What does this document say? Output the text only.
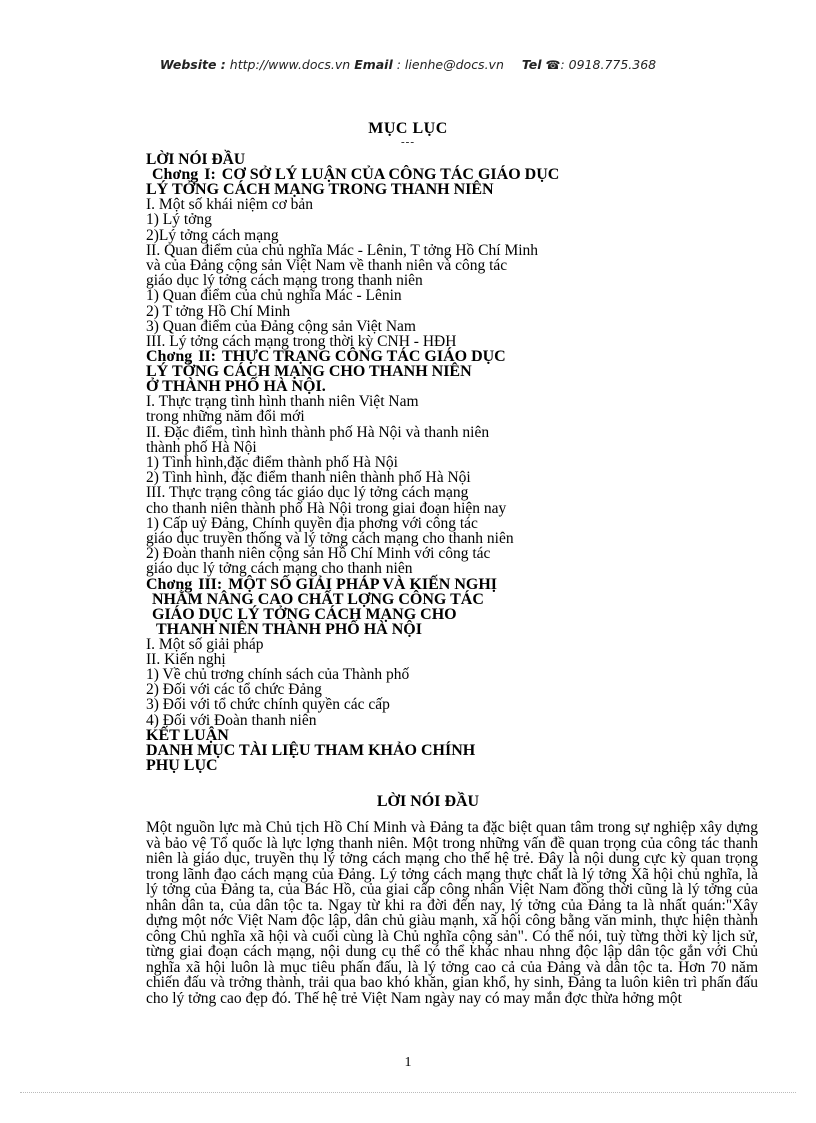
Website : http://www.docs.vn Email : lienhe@docs.vn Tel ☎: 0918.775.368
MỤC LỤC
---
LỜI NÓI ĐẦU
Chơng I: CƠ SỞ LÝ LUẬN CỦA CÔNG TÁC GIÁO DỤC
LÝ TỞNG CÁCH MẠNG TRONG THANH NIÊN
I. Một số khái niệm cơ bản
1) Lý tởng
2)Lý tởng cách mạng
II. Quan điểm của chủ nghĩa Mác - Lênin, T tởng Hồ Chí Minh
và của Đảng cộng sản Việt Nam về thanh niên và công tác
giáo dục lý tởng cách mạng trong thanh niên
1) Quan điểm của chủ nghĩa Mác - Lênin
2) T tởng Hồ Chí Minh
3) Quan điểm của Đảng cộng sản Việt Nam
III. Lý tởng cách mạng trong thời kỳ CNH - HĐH
Chơng II: THỰC TRẠNG CÔNG TÁC GIÁO DỤC
LÝ TỞNG CÁCH MẠNG CHO THANH NIÊN
Ở THÀNH PHỐ HÀ NỘI.
I. Thực trạng tình hình thanh niên Việt Nam
trong những năm đổi mới
II. Đặc điểm, tình hình thành phố Hà Nội và thanh niên
thành phố Hà Nội
1) Tình hình,đặc điểm thành phố Hà Nội
2) Tình hình, đặc điểm thanh niên thành phố Hà Nội
III. Thực trạng công tác giáo dục lý tởng cách mạng
cho thanh niên thành phố Hà Nội trong giai đoạn hiện nay
1) Cấp uỷ Đảng, Chính quyền địa phơng với công tác
giáo dục truyền thống và lý tởng cách mạng cho thanh niên
2) Đoàn thanh niên cộng sản Hồ Chí Minh với công tác
giáo dục lý tởng cách mạng cho thanh niên
Chơng III: MỘT SỐ GIẢI PHÁP VÀ KIẾN NGHỊ
NHẰM NÂNG CAO CHẤT LỢNG CÔNG TÁC
GIÁO DỤC LÝ TỞNG CÁCH MẠNG CHO
THANH NIÊN THÀNH PHỐ HÀ NỘI
I. Một số giải pháp
II. Kiến nghị
1) Về chủ trơng chính sách của Thành phố
2) Đối với các tổ chức Đảng
3) Đối với tổ chức chính quyền các cấp
4) Đối với Đoàn thanh niên
KẾT LUẬN
DANH MỤC TÀI LIỆU THAM KHẢO CHÍNH
PHỤ LỤC
LỜI NÓI ĐẦU
Một nguồn lực mà Chủ tịch Hồ Chí Minh và Đảng ta đặc biệt quan tâm trong sự nghiệp xây dựng và bảo vệ Tổ quốc là lực lợng thanh niên. Một trong những vấn đề quan trọng của công tác thanh niên là giáo dục, truyền thụ lý tởng cách mạng cho thế hệ trẻ. Đây là nội dung cực kỳ quan trọng trong lãnh đạo cách mạng của Đảng. Lý tởng cách mạng thực chất là lý tởng Xã hội chủ nghĩa, là lý tởng của Đảng ta, của Bác Hồ, của giai cấp công nhân Việt Nam đồng thời cũng là lý tởng của nhân dân ta, của dân tộc ta. Ngay từ khi ra đời đến nay, lý tởng của Đảng ta là nhất quán:"Xây dựng một nớc Việt Nam độc lập, dân chủ giàu mạnh, xã hội công bằng văn minh, thực hiện thành công Chủ nghĩa xã hội và cuối cùng là Chủ nghĩa cộng sản". Có thể nói, tuỳ từng thời kỳ lịch sử, từng giai đoạn cách mạng, nội dung cụ thể có thể khác nhau nhng độc lập dân tộc gắn với Chủ nghĩa xã hội luôn là mục tiêu phấn đấu, là lý tởng cao cả của Đảng và dân tộc ta. Hơn 70 năm chiến đấu và trởng thành, trải qua bao khó khăn, gian khổ, hy sinh, Đảng ta luôn kiên trì phấn đấu cho lý tởng cao đẹp đó. Thế hệ trẻ Việt Nam ngày nay có may mắn đợc thừa hởng một
1
